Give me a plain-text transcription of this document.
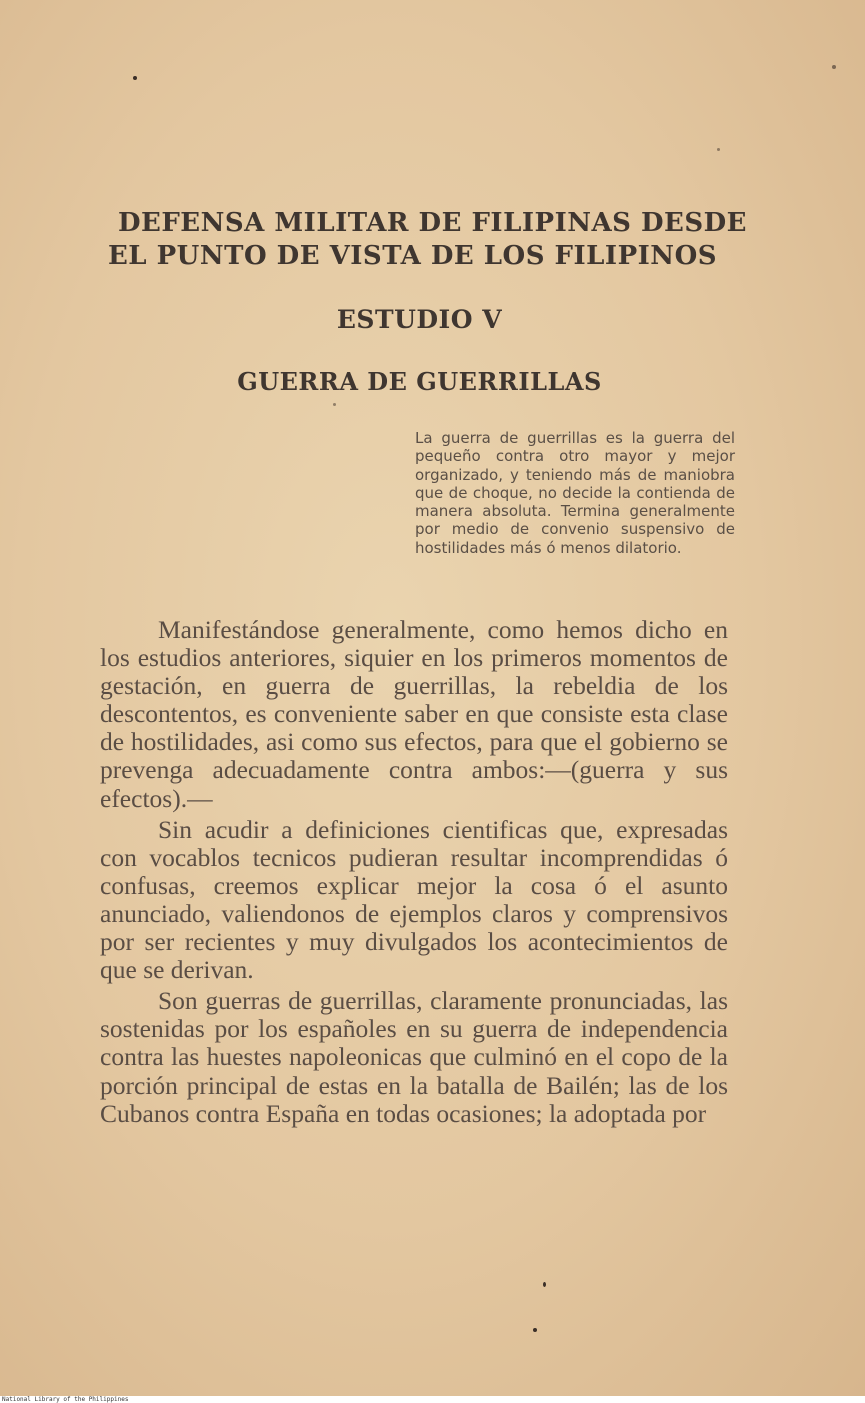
DEFENSA MILITAR DE FILIPINAS DESDE
EL PUNTO DE VISTA DE LOS FILIPINOS
ESTUDIO V
GUERRA DE GUERRILLAS

La guerra de guerrillas es la guerra del pequeño contra otro mayor y mejor organizado, y teniendo más de maniobra que de choque, no decide la contienda de manera absoluta. Termina generalmente por medio de convenio suspensivo de hostilidades más ó menos dilatorio.

Manifestándose generalmente, como hemos dicho en los estudios anteriores, siquier en los primeros momentos de gestación, en guerra de guerrillas, la rebeldia de los descontentos, es conveniente saber en que consiste esta clase de hostilidades, asi como sus efectos, para que el gobierno se prevenga adecuadamente contra ambos:—(guerra y sus efectos).—

Sin acudir a definiciones cientificas que, expresadas con vocablos tecnicos pudieran resultar incomprendidas ó confusas, creemos explicar mejor la cosa ó el asunto anunciado, valiendonos de ejemplos claros y comprensivos por ser recientes y muy divulgados los acontecimientos de que se derivan.

Son guerras de guerrillas, claramente pronunciadas, las sostenidas por los españoles en su guerra de independencia contra las huestes napoleonicas que culminó en el copo de la porción principal de estas en la batalla de Bailén; las de los Cubanos contra España en todas ocasiones; la adoptada por

National Library of the Philippines
